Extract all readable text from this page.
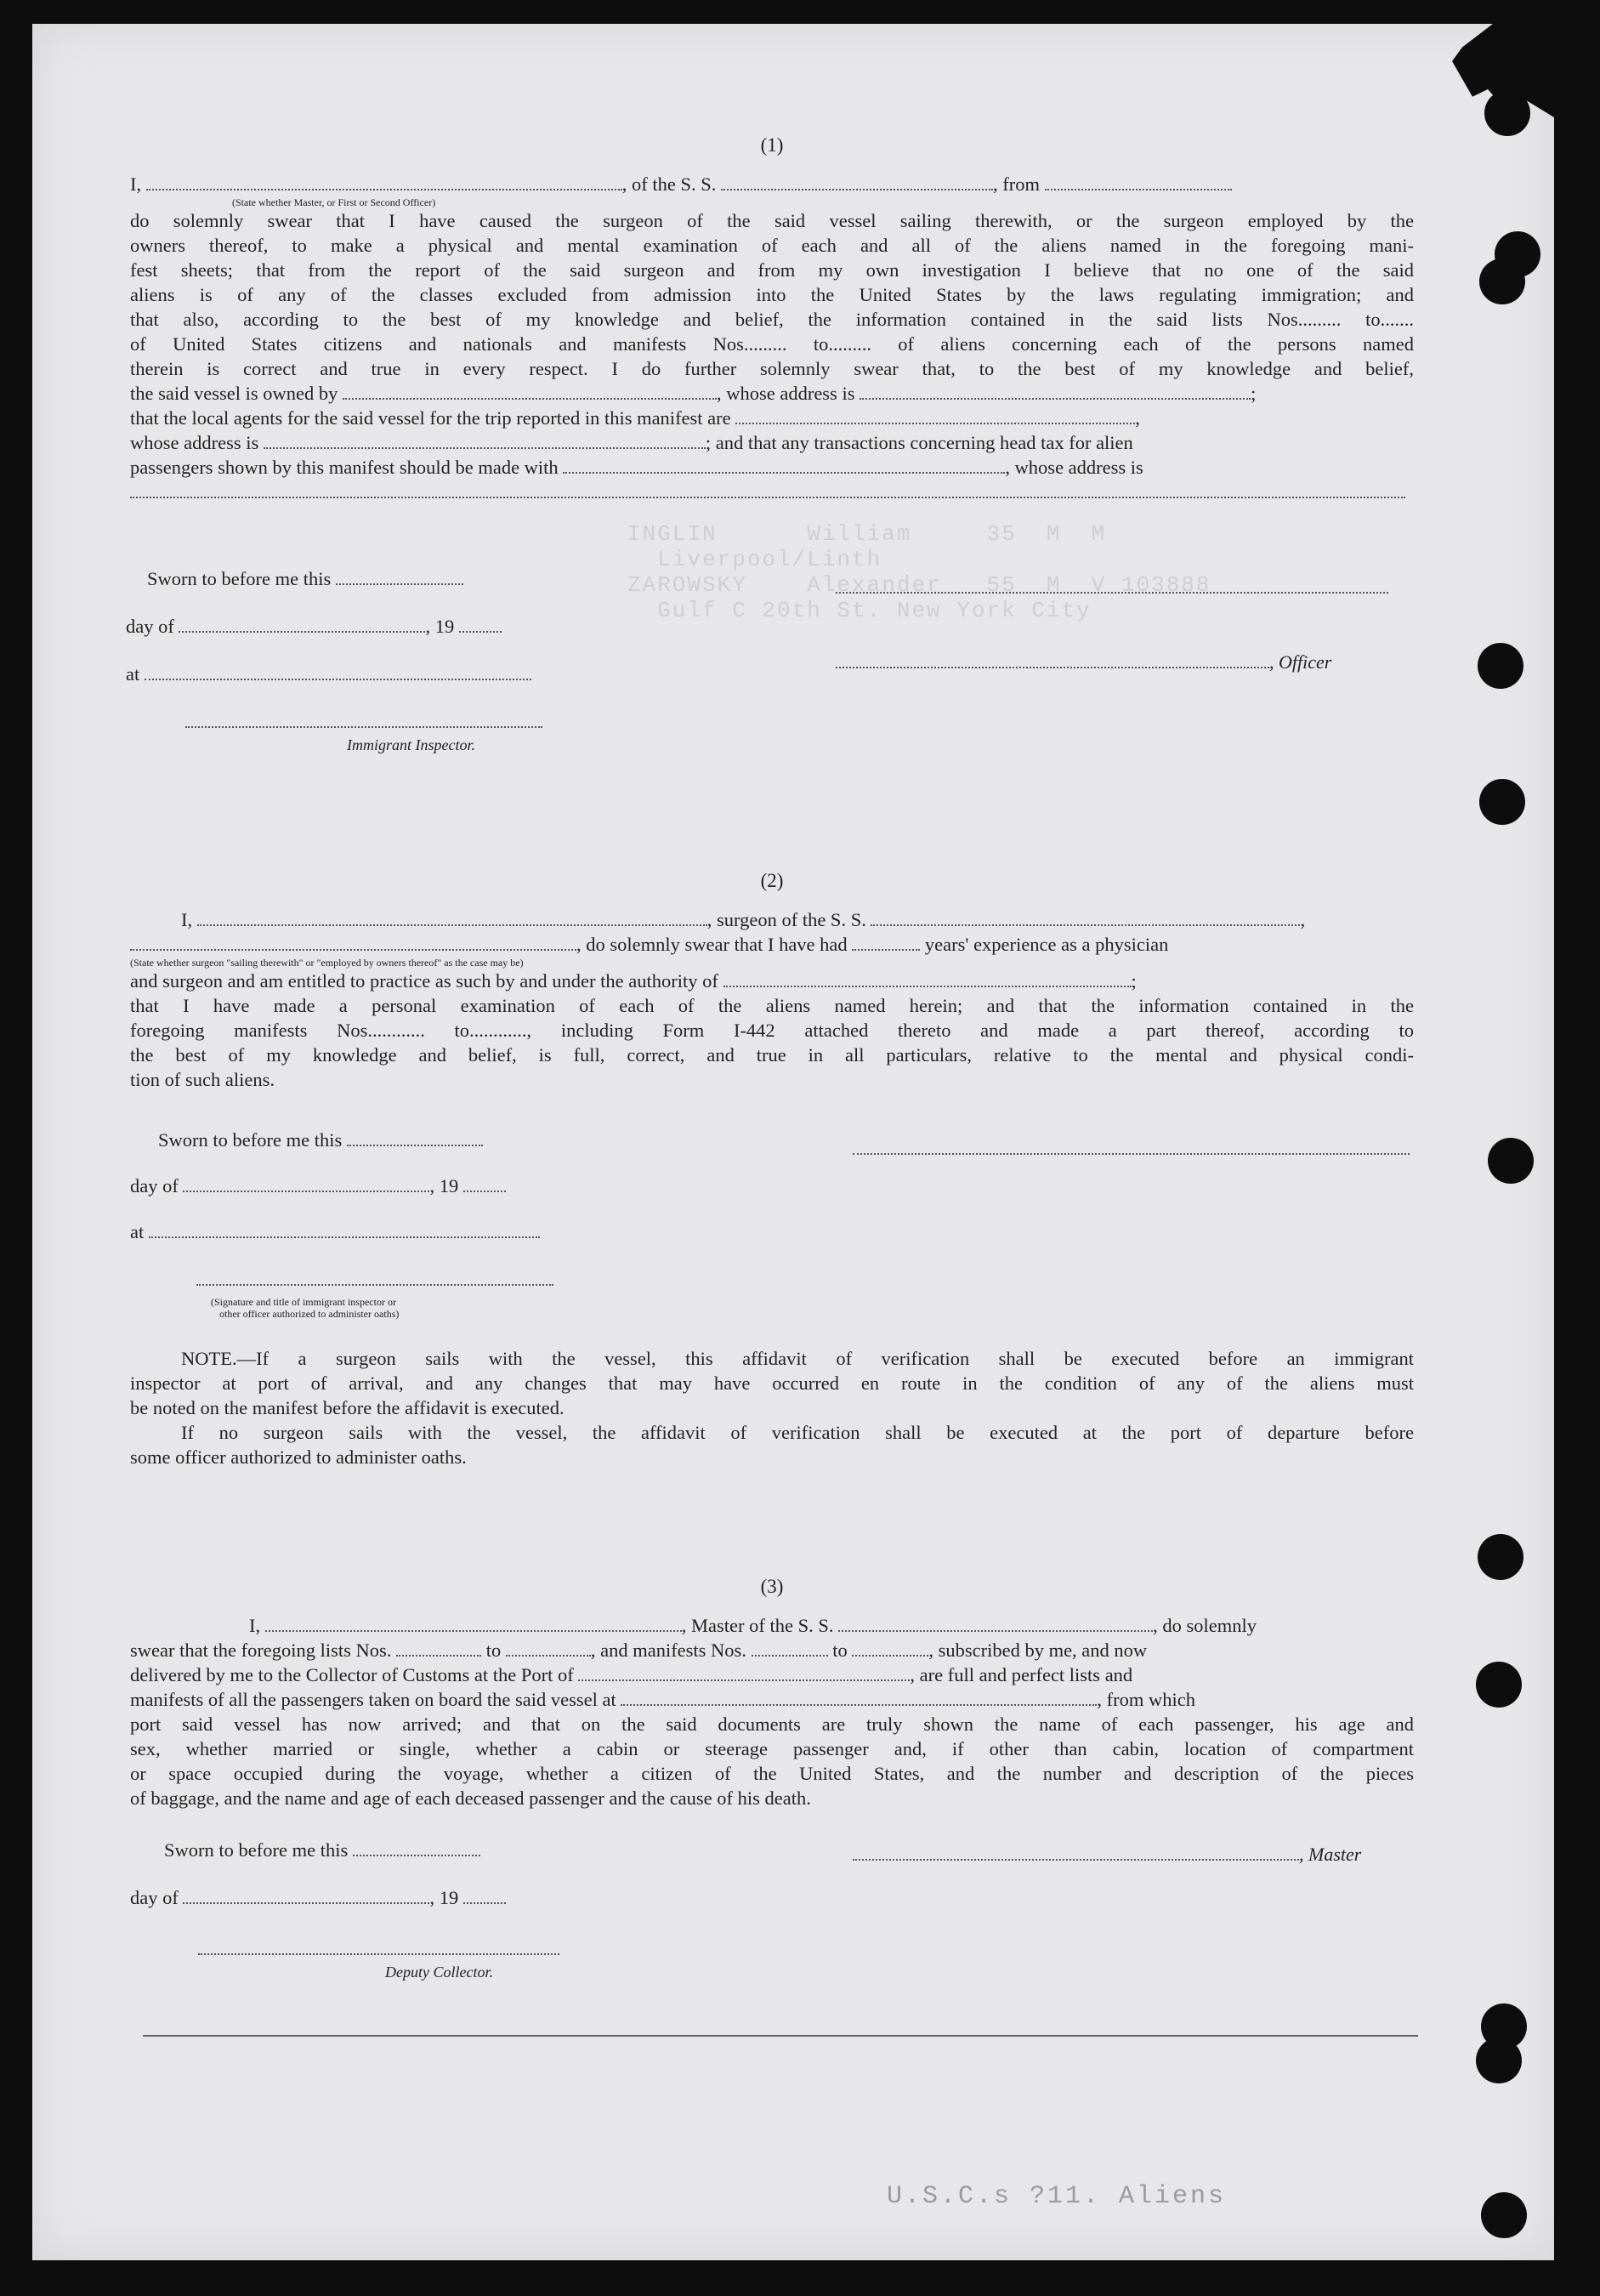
INGLIN      William     35  M  M
Liverpool/Linth
ZAROWSKY    Alexander   55  M  V 103888
Gulf C 20th St. New York City
(1)
I,	, of the S. S.	, from
(State whether Master, or First or Second Officer)
do solemnly swear that I have caused the surgeon of the said vessel sailing therewith, or the surgeon employed by the
owners thereof, to make a physical and mental examination of each and all of the aliens named in the foregoing mani-
fest sheets; that from the report of the said surgeon and from my own investigation I believe that no one of the said
aliens is of any of the classes excluded from admission into the United States by the laws regulating immigration; and
that also, according to the best of my knowledge and belief, the information contained in the said lists Nos......... to.......
of United States citizens and nationals and manifests Nos......... to......... of aliens concerning each of the persons named
therein is correct and true in every respect. I do further solemnly swear that, to the best of my knowledge and belief,
the said vessel is owned by	, whose address is	;
that the local agents for the said vessel for the trip reported in this manifest are	,
whose address is	; and that any transactions concerning head tax for alien
passengers shown by this manifest should be made with	, whose address is
Sworn to before me this
day of	, 19
at
Immigrant Inspector.
, Officer
(2)
I,	, surgeon of the S. S.	,
, do solemnly swear that I have had	years' experience as a physician
(State whether surgeon "sailing therewith" or "employed by owners thereof" as the case may be)
and surgeon and am entitled to practice as such by and under the authority of	;
that I have made a personal examination of each of the aliens named herein; and that the information contained in the
foregoing manifests Nos............ to............, including Form I-442 attached thereto and made a part thereof, according to
the best of my knowledge and belief, is full, correct, and true in all particulars, relative to the mental and physical condi-
tion of such aliens.
Sworn to before me this
day of	, 19
at
(Signature and title of immigrant inspector or
other officer authorized to administer oaths)
NOTE.—If a surgeon sails with the vessel, this affidavit of verification shall be executed before an immigrant
inspector at port of arrival, and any changes that may have occurred en route in the condition of any of the aliens must
be noted on the manifest before the affidavit is executed.
If no surgeon sails with the vessel, the affidavit of verification shall be executed at the port of departure before
some officer authorized to administer oaths.
(3)
I,	, Master of the S. S.	, do solemnly
swear that the foregoing lists Nos.	to	, and manifests Nos.	to	, subscribed by me, and now
delivered by me to the Collector of Customs at the Port of	, are full and perfect lists and
manifests of all the passengers taken on board the said vessel at	, from which
port said vessel has now arrived; and that on the said documents are truly shown the name of each passenger, his age and
sex, whether married or single, whether a cabin or steerage passenger and, if other than cabin, location of compartment
or space occupied during the voyage, whether a citizen of the United States, and the number and description of the pieces
of baggage, and the name and age of each deceased passenger and the cause of his death.
Sworn to before me this
day of	, 19
Deputy Collector.
, Master
U.S.C.s ?11. Aliens
